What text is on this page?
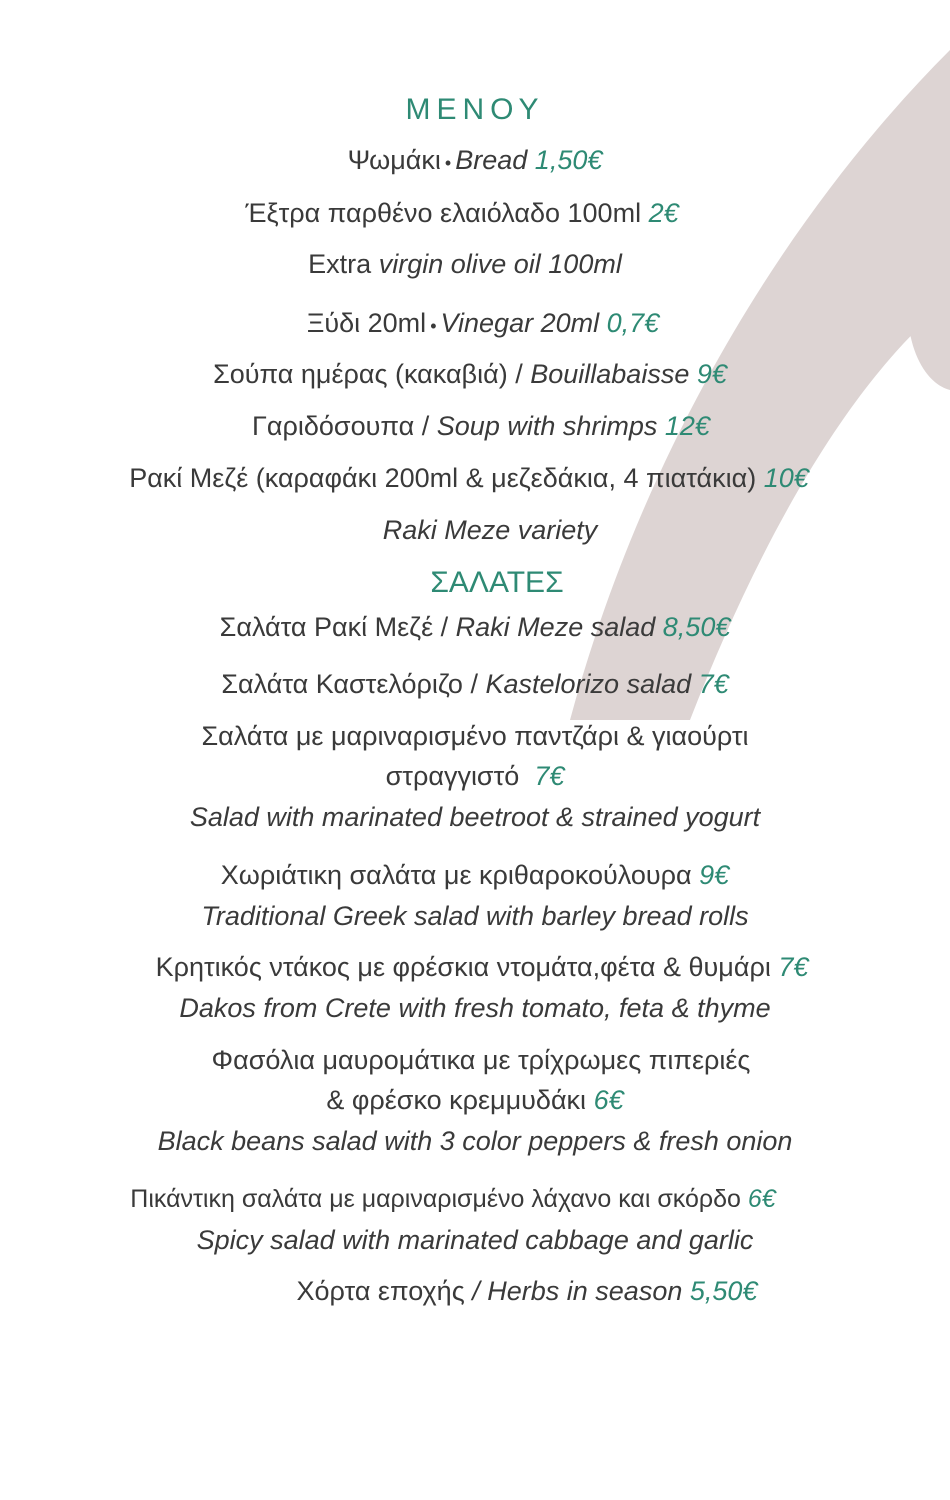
ΜΕΝΟΥ
Ψωμάκι • Bread 1,50€
Έξτρα παρθένο ελαιόλαδο 100ml 2€
Extra virgin olive oil 100ml
Ξύδι 20ml • Vinegar 20ml 0,7€
Σούπα ημέρας (κακαβιά) / Bouillabaisse 9€
Γαριδόσουπα / Soup with shrimps 12€
Ρακί Μεζέ (καραφάκι 200ml & μεζεδάκια, 4 πιατάκια) 10€
Raki Meze variety
ΣΑΛΑΤΕΣ
Σαλάτα Ρακί Μεζέ / Raki Meze salad 8,50€
Σαλάτα Καστελόριζο / Kastelorizo salad 7€
Σαλάτα με μαριναρισμένο παντζάρι & γιαούρτι
στραγγιστό 7€
Salad with marinated beetroot & strained yogurt
Χωριάτικη σαλάτα με κριθαροκούλουρα 9€
Traditional Greek salad with barley bread rolls
Κρητικός ντάκος με φρέσκια ντομάτα,φέτα & θυμάρι 7€
Dakos from Crete with fresh tomato, feta & thyme
Φασόλια μαυρομάτικα με τρίχρωμες πιπεριές
& φρέσκο κρεμμυδάκι 6€
Black beans salad with 3 color peppers & fresh onion
Πικάντικη σαλάτα με μαριναρισμένο λάχανο και σκόρδο 6€
Spicy salad with marinated cabbage and garlic
Χόρτα εποχής / Herbs in season 5,50€
